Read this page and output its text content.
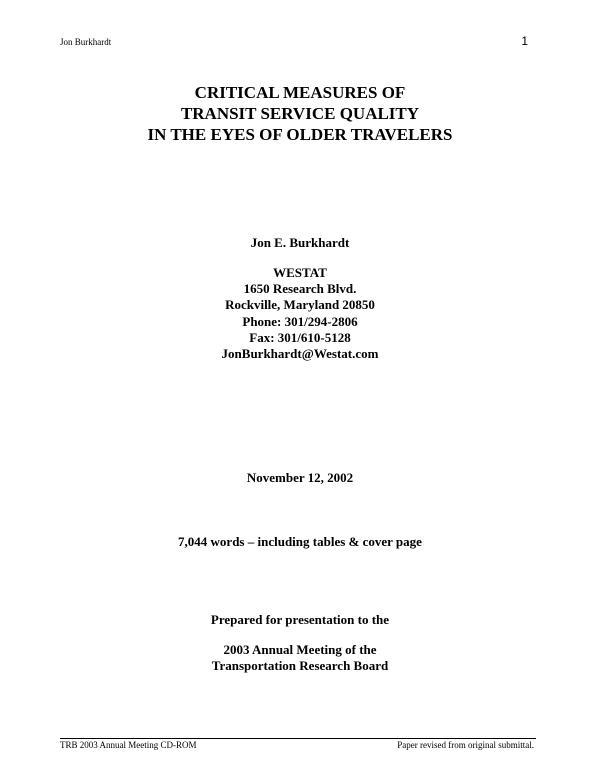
Jon Burkhardt	1
CRITICAL MEASURES OF
TRANSIT SERVICE QUALITY
IN THE EYES OF OLDER TRAVELERS
Jon E. Burkhardt
WESTAT
1650 Research Blvd.
Rockville, Maryland 20850
Phone: 301/294-2806
Fax: 301/610-5128
JonBurkhardt@Westat.com
November 12, 2002
7,044 words – including tables & cover page
Prepared for presentation to the
2003 Annual Meeting of the
Transportation Research Board
TRB 2003 Annual Meeting CD-ROM	Paper revised from original submittal.
